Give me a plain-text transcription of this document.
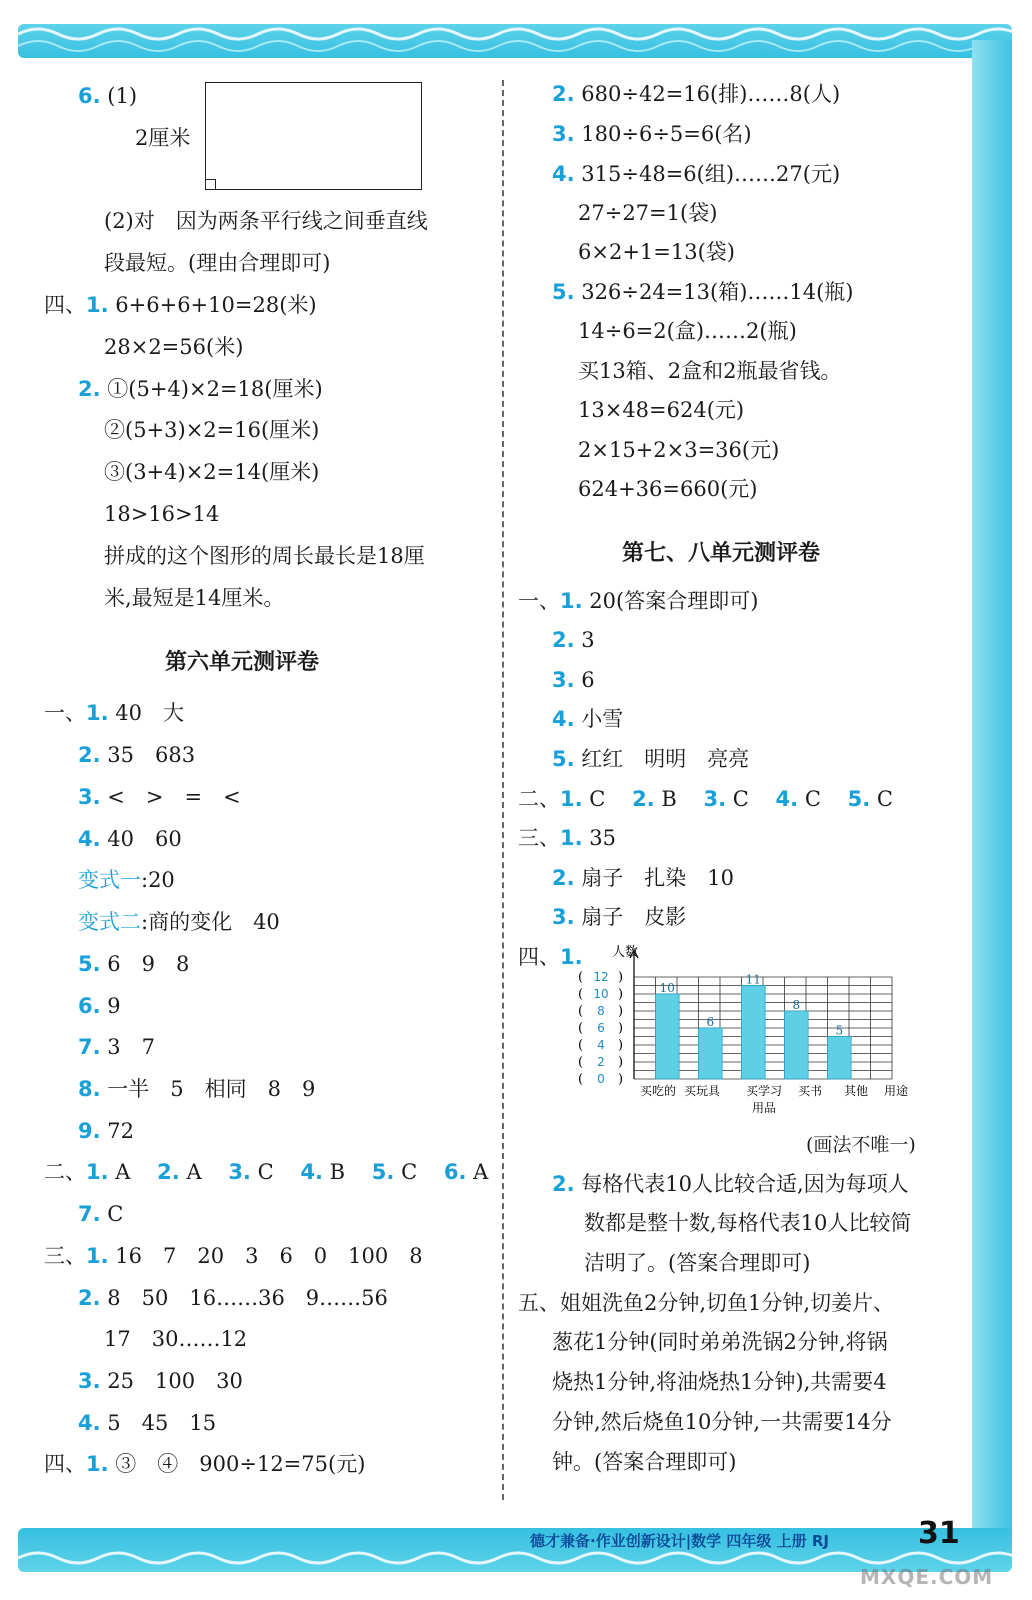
6. (1)
2厘米
(2)对　因为两条平行线之间垂直线
段最短。(理由合理即可)
四、1. 6+6+6+10=28(米)
28×2=56(米)
2. ①(5+4)×2=18(厘米)
②(5+3)×2=16(厘米)
③(3+4)×2=14(厘米)
18>16>14
拼成的这个图形的周长最长是18厘
米,最短是14厘米。
第六单元测评卷
一、1. 40　大
2. 35　683
3. <　>　=　<
4. 40　60
变式一:20
变式二:商的变化　40
5. 6　9　8
6. 9
7. 3　7
8. 一半　5　相同　8　9
9. 72
二、1. A 2. A 3. C 4. B 5. C 6. A
7. C
三、1. 16　7　20　3　6　0　100　8
2. 8　50　16……36　9……56
17　30……12
3. 25　100　30
4. 5　45　15
四、1. ③　④　900÷12=75(元)
2. 680÷42=16(排)……8(人)
3. 180÷6÷5=6(名)
4. 315÷48=6(组)……27(元)
27÷27=1(袋)
6×2+1=13(袋)
5. 326÷24=13(箱)……14(瓶)
14÷6=2(盒)……2(瓶)
买13箱、2盒和2瓶最省钱。
13×48=624(元)
2×15+2×3=36(元)
624+36=660(元)
第七、八单元测评卷
一、1. 20(答案合理即可)
2. 3
3. 6
4. 小雪
5. 红红　明明　亮亮
二、1. C 2. B 3. C 4. C 5. C
三、1. 35
2. 扇子　扎染　10
3. 扇子　皮影
四、1. 人数
( 12 )
( 10 )
( 8 )
( 6 )
( 4 )
( 2 )
( 0 )
10
6
11
8
5
买吃的 买玩具 买学习
用品
买书 其他 用途
(画法不唯一)
2. 每格代表10人比较合适,因为每项人
数都是整十数,每格代表10人比较简
洁明了。(答案合理即可)
五、姐姐洗鱼2分钟,切鱼1分钟,切姜片、
葱花1分钟(同时弟弟洗锅2分钟,将锅
烧热1分钟,将油烧热1分钟),共需要4
分钟,然后烧鱼10分钟,一共需要14分
钟。(答案合理即可)
德才兼备·作业创新设计|数学 四年级 上册 RJ	31
MXQE.COM
